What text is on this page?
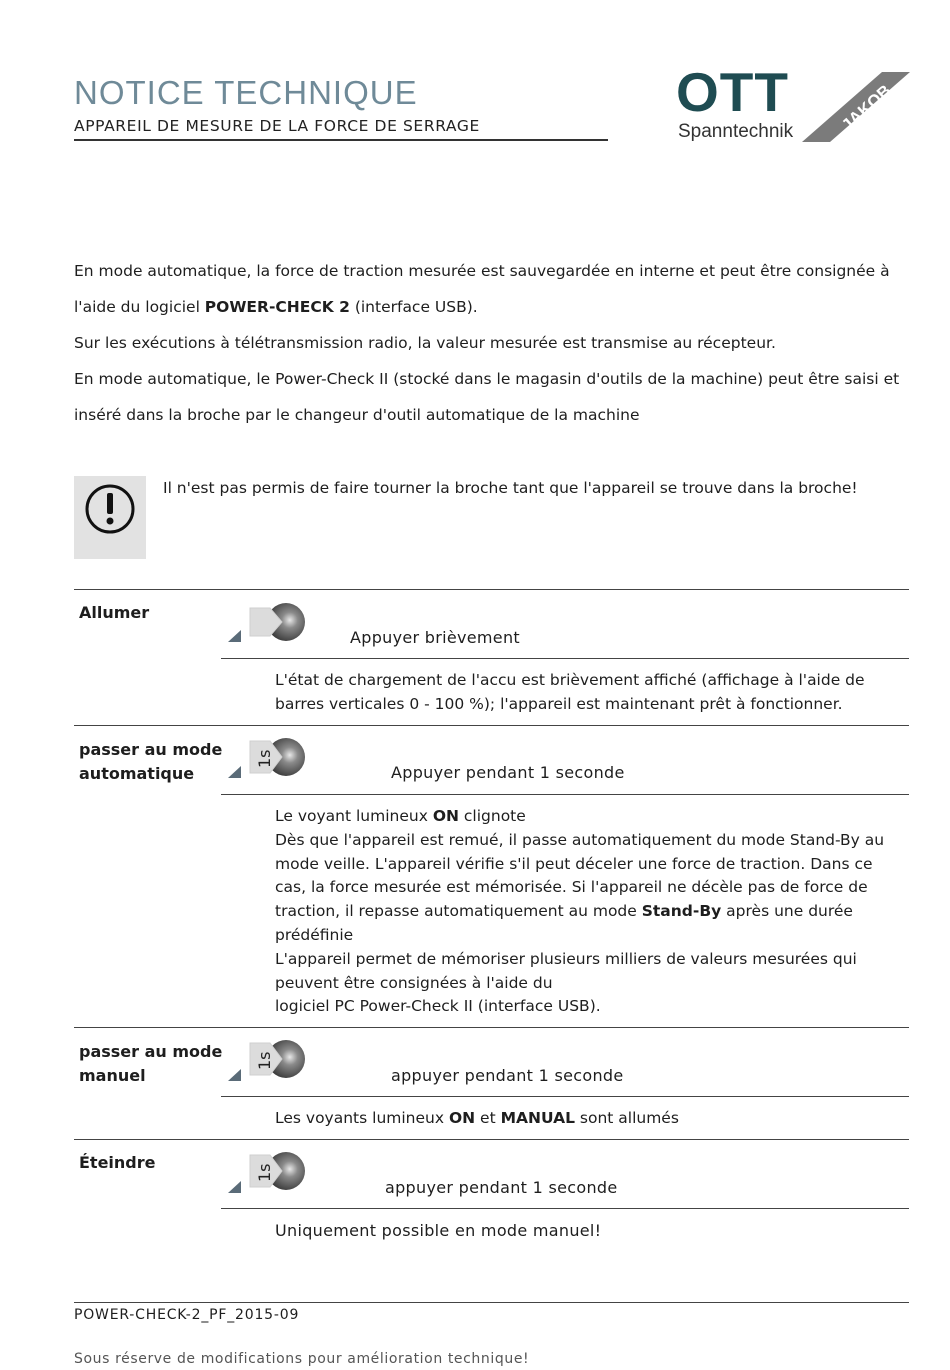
NOTICE TECHNIQUE
APPAREIL DE MESURE DE LA FORCE DE SERRAGE
OTT
Spanntechnik	JAKOB
En mode automatique, la force de traction mesurée est sauvegardée en interne et peut être consignée à
l'aide du logiciel POWER-CHECK 2 (interface USB).
Sur les exécutions à télétransmission radio, la valeur mesurée est transmise au récepteur.
En mode automatique, le Power-Check II (stocké dans le magasin d'outils de la machine) peut être saisi et
inséré dans la broche par le changeur d'outil automatique de la machine
Il n'est pas permis de faire tourner la broche tant que l'appareil se trouve dans la broche!
Allumer
Appuyer brièvement
L'état de chargement de l'accu est brièvement affiché (affichage à l'aide de
barres verticales 0 - 100 %); l'appareil est maintenant prêt à fonctionner.
passer au mode
automatique
1s
Appuyer pendant 1 seconde
Le voyant lumineux ON clignote
Dès que l'appareil est remué, il passe automatiquement du mode Stand-By au
mode veille. L'appareil vérifie s'il peut déceler une force de traction. Dans ce
cas, la force mesurée est mémorisée. Si l'appareil ne décèle pas de force de
traction, il repasse automatiquement au mode Stand-By après une durée
prédéfinie
L'appareil permet de mémoriser plusieurs milliers de valeurs mesurées qui
peuvent être consignées à l'aide du
logiciel PC Power-Check II (interface USB).
passer au mode
manuel
1s
appuyer pendant 1 seconde
Les voyants lumineux ON et MANUAL sont allumés
Éteindre
1s
appuyer pendant 1 seconde
Uniquement possible en mode manuel!
POWER-CHECK-2_PF_2015-09
Sous réserve de modifications pour amélioration technique!
